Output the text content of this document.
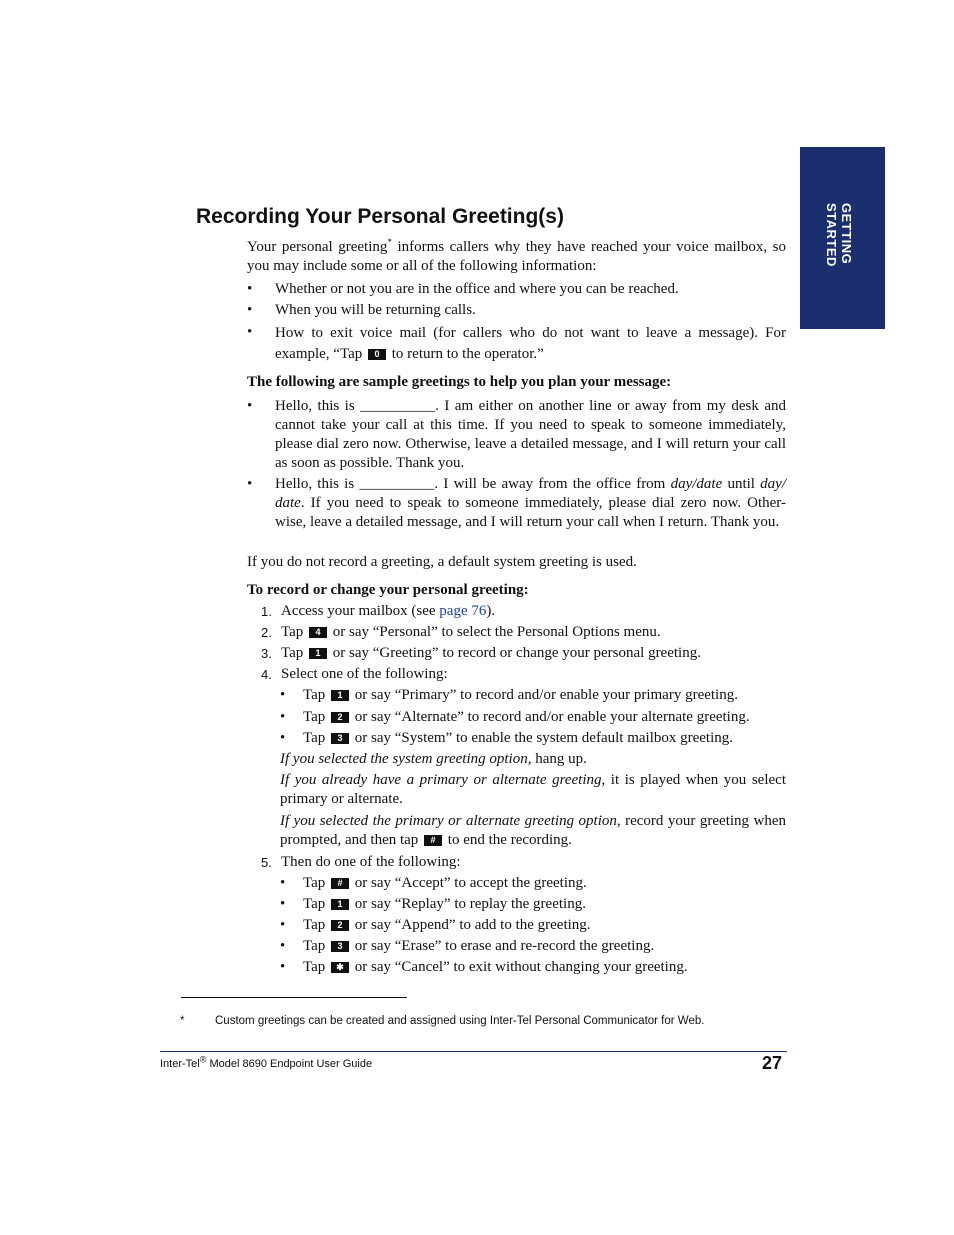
GETTING STARTED
Recording Your Personal Greeting(s)
Your personal greeting* informs callers why they have reached your voice mailbox, so you may include some or all of the following information:
• Whether or not you are in the office and where you can be reached.
• When you will be returning calls.
• How to exit voice mail (for callers who do not want to leave a message). For example, “Tap 0 to return to the operator.”
The following are sample greetings to help you plan your message:
• Hello, this is __________. I am either on another line or away from my desk and cannot take your call at this time. If you need to speak to someone immediately, please dial zero now. Otherwise, leave a detailed message, and I will return your call as soon as possible. Thank you.
• Hello, this is __________. I will be away from the office from day/date until day/ date. If you need to speak to someone immediately, please dial zero now. Other-wise, leave a detailed message, and I will return your call when I return. Thank you.
If you do not record a greeting, a default system greeting is used.
To record or change your personal greeting:
1. Access your mailbox (see page 76).
2. Tap 4 or say “Personal” to select the Personal Options menu.
3. Tap 1 or say “Greeting” to record or change your personal greeting.
4. Select one of the following:
• Tap 1 or say “Primary” to record and/or enable your primary greeting.
• Tap 2 or say “Alternate” to record and/or enable your alternate greeting.
• Tap 3 or say “System” to enable the system default mailbox greeting.
If you selected the system greeting option, hang up.
If you already have a primary or alternate greeting, it is played when you select primary or alternate.
If you selected the primary or alternate greeting option, record your greeting when prompted, and then tap # to end the recording.
5. Then do one of the following:
• Tap # or say “Accept” to accept the greeting.
• Tap 1 or say “Replay” to replay the greeting.
• Tap 2 or say “Append” to add to the greeting.
• Tap 3 or say “Erase” to erase and re-record the greeting.
• Tap ✱ or say “Cancel” to exit without changing your greeting.
*	Custom greetings can be created and assigned using Inter-Tel Personal Communicator for Web.
Inter-Tel® Model 8690 Endpoint User Guide	27
